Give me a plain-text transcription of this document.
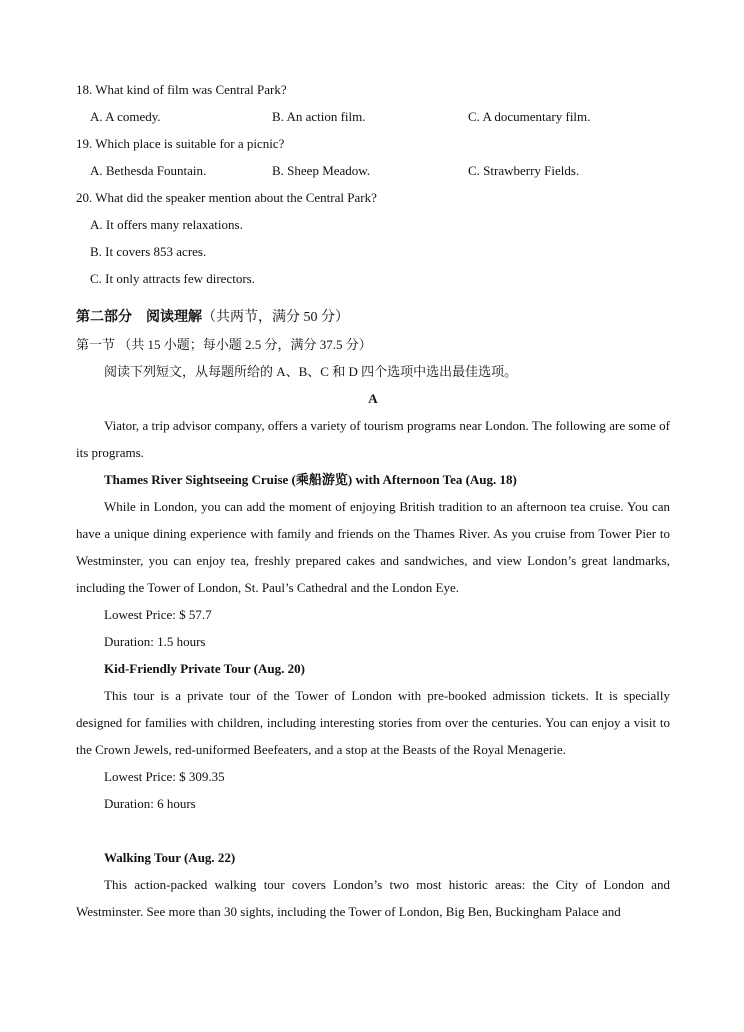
18. What kind of film was Central Park?

A. A comedy.	B. An action film.	C. A documentary film.

19. Which place is suitable for a picnic?

A. Bethesda Fountain.	B. Sheep Meadow.	C. Strawberry Fields.

20. What did the speaker mention about the Central Park?

A. It offers many relaxations.

B. It covers 853 acres.

C. It only attracts few directors.

第二部分　阅读理解（共两节，满分 50 分）

第一节 （共 15 小题；每小题 2.5 分，满分 37.5 分）

阅读下列短文，从每题所给的 A、B、C 和 D 四个选项中选出最佳选项。

A

Viator, a trip advisor company, offers a variety of tourism programs near London. The following are some of its programs.

Thames River Sightseeing Cruise (乘船游览) with Afternoon Tea (Aug. 18)

While in London, you can add the moment of enjoying British tradition to an afternoon tea cruise. You can have a unique dining experience with family and friends on the Thames River. As you cruise from Tower Pier to Westminster, you can enjoy tea, freshly prepared cakes and sandwiches, and view London’s great landmarks, including the Tower of London, St. Paul’s Cathedral and the London Eye.

Lowest Price: $ 57.7

Duration: 1.5 hours

Kid-Friendly Private Tour (Aug. 20)

This tour is a private tour of the Tower of London with pre-booked admission tickets. It is specially designed for families with children, including interesting stories from over the centuries. You can enjoy a visit to the Crown Jewels, red-uniformed Beefeaters, and a stop at the Beasts of the Royal Menagerie.

Lowest Price: $ 309.35

Duration: 6 hours

Walking Tour (Aug. 22)

This action-packed walking tour covers London’s two most historic areas: the City of London and Westminster. See more than 30 sights, including the Tower of London, Big Ben, Buckingham Palace and
